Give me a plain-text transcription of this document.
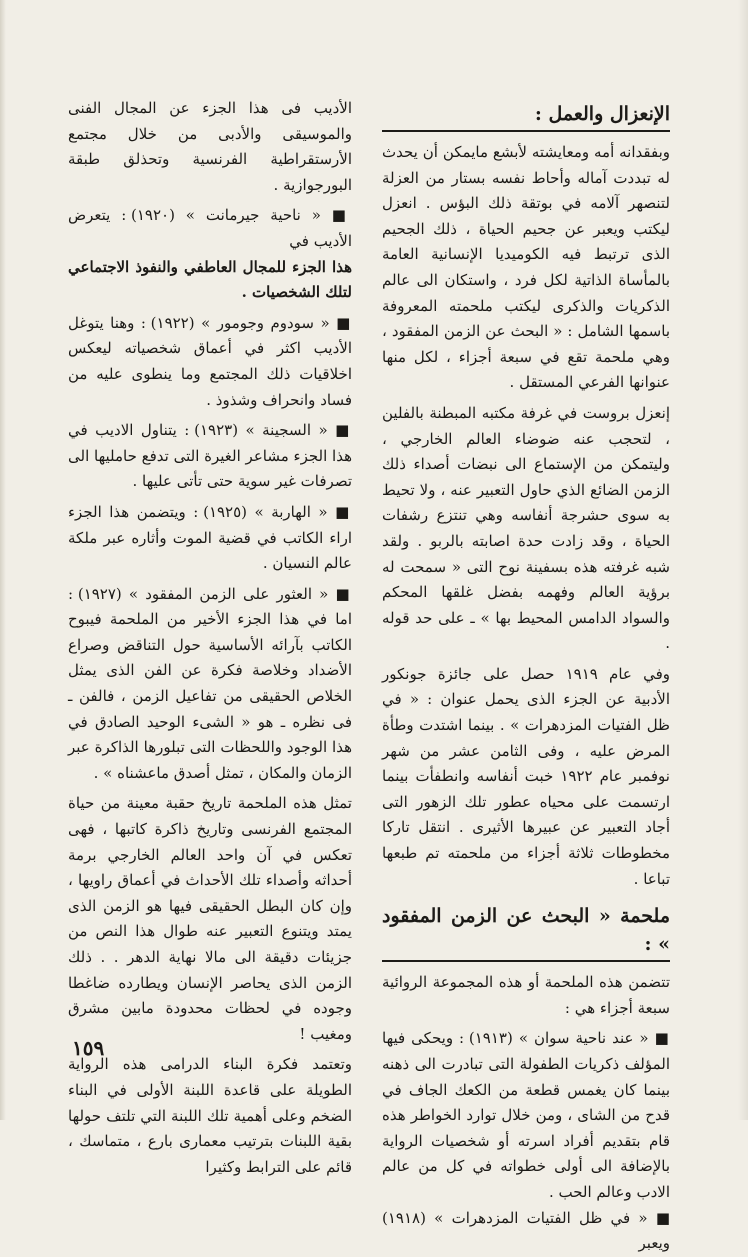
الإنعزال والعمل :

وبفقدانه أمه ومعايشته لأبشع مايمكن أن يحدث له تبددت آماله وأحاط نفسه بستار من العزلة لتنصهر آلامه في بوتقة ذلك البؤس . انعزل ليكتب ويعبر عن جحيم الحياة ، ذلك الجحيم الذى ترتبط فيه الكوميديا الإنسانية العامة بالمأساة الذاتية لكل فرد ، واستكان الى عالم الذكريات والذكرى ليكتب ملحمته المعروفة باسمها الشامل : « البحث عن الزمن المفقود ، وهي ملحمة تقع في سبعة أجزاء ، لكل منها عنوانها الفرعي المستقل .

إنعزل بروست في غرفة مكتبه المبطنة بالفلين ، لتحجب عنه ضوضاء العالم الخارجي ، وليتمكن من الإستماع الى نبضات أصداء ذلك الزمن الضائع الذي حاول التعبير عنه ، ولا تحيط به سوى حشرجة أنفاسه وهي تنتزع رشفات الحياة ، وقد زادت حدة اصابته بالربو . ولقد شبه غرفته هذه بسفينة نوح التى « سمحت له برؤية العالم وفهمه بفضل غلقها المحكم والسواد الدامس المحيط بها » ـ على حد قوله .

وفي عام ١٩١٩ حصل على جائزة جونكور الأدبية عن الجزء الذى يحمل عنوان : « في ظل الفتيات المزدهرات » . بينما اشتدت وطأة المرض عليه ، وفى الثامن عشر من شهر نوفمبر عام ١٩٢٢ خبت أنفاسه وانطفأت بينما ارتسمت على محياه عطور تلك الزهور التى أجاد التعبير عن عبيرها الأثيرى . انتقل تاركا مخطوطات ثلاثة أجزاء من ملحمته تم طبعها تباعا .

ملحمة « البحث عن الزمن المفقود » :

تتضمن هذه الملحمة أو هذه المجموعة الروائية سبعة أجزاء هي :

■ « عند ناحية سوان » (١٩١٣) : ويحكى فيها المؤلف ذكريات الطفولة التى تبادرت الى ذهنه بينما كان يغمس قطعة من الكعك الجاف في قدح من الشاى ، ومن خلال توارد الخواطر هذه قام بتقديم أفراد اسرته أو شخصيات الرواية بالإضافة الى أولى خطواته في كل من عالم الادب وعالم الحب .

■ « في ظل الفتيات المزدهرات » (١٩١٨) ويعبر

الأديب فى هذا الجزء عن المجال الفنى والموسيقى والأدبى من خلال مجتمع الأرستقراطية الفرنسية وتحذلق طبقة البورجوازية .

■ « ناحية جيرمانت » (١٩٢٠) : يتعرض الأديب في

هذا الجزء للمجال العاطفي والنفوذ الاجتماعي لتلك الشخصيات .

■ « سودوم وجومور » (١٩٢٢) : وهنا يتوغل الأديب اكثر في أعماق شخصياته ليعكس اخلاقيات ذلك المجتمع وما ينطوى عليه من فساد وانحراف وشذوذ .

■ « السجينة » (١٩٢٣) : يتناول الاديب في هذا الجزء مشاعر الغيرة التى تدفع حامليها الى تصرفات غير سوية حتى تأتى عليها .

■ « الهاربة » (١٩٢٥) : ويتضمن هذا الجزء اراء الكاتب في قضية الموت وأثاره عبر ملكة عالم النسيان .

■ « العثور على الزمن المفقود » (١٩٢٧) : اما في هذا الجزء الأخير من الملحمة فيبوح الكاتب بآرائه الأساسية حول التناقض وصراع الأضداد وخلاصة فكرة عن الفن الذى يمثل الخلاص الحقيقى من تفاعيل الزمن ، فالفن ـ فى نظره ـ هو « الشىء الوحيد الصادق في هذا الوجود واللحظات التى تبلورها الذاكرة عبر الزمان والمكان ، تمثل أصدق ماعشناه » .

تمثل هذه الملحمة تاريخ حقبة معينة من حياة المجتمع الفرنسى وتاريخ ذاكرة كاتبها ، فهى تعكس في آن واحد العالم الخارجي برمة أحداثه وأصداء تلك الأحداث في أعماق راويها ، وإن كان البطل الحقيقى فيها هو الزمن الذى يمتد ويتنوع التعبير عنه طوال هذا النص من جزيئات دقيقة الى مالا نهاية الدهر . . ذلك الزمن الذى يحاصر الإنسان ويطارده ضاغطا وجوده في لحظات محدودة مابين مشرق ومغيب !

وتعتمد فكرة البناء الدرامى هذه الرواية الطويلة على قاعدة اللبنة الأولى في البناء الضخم وعلى أهمية تلك اللبنة التي تلتف حولها بقية اللبنات بترتيب معمارى بارع ، متماسك ، قائم على الترابط وكثيرا

١٥٩
